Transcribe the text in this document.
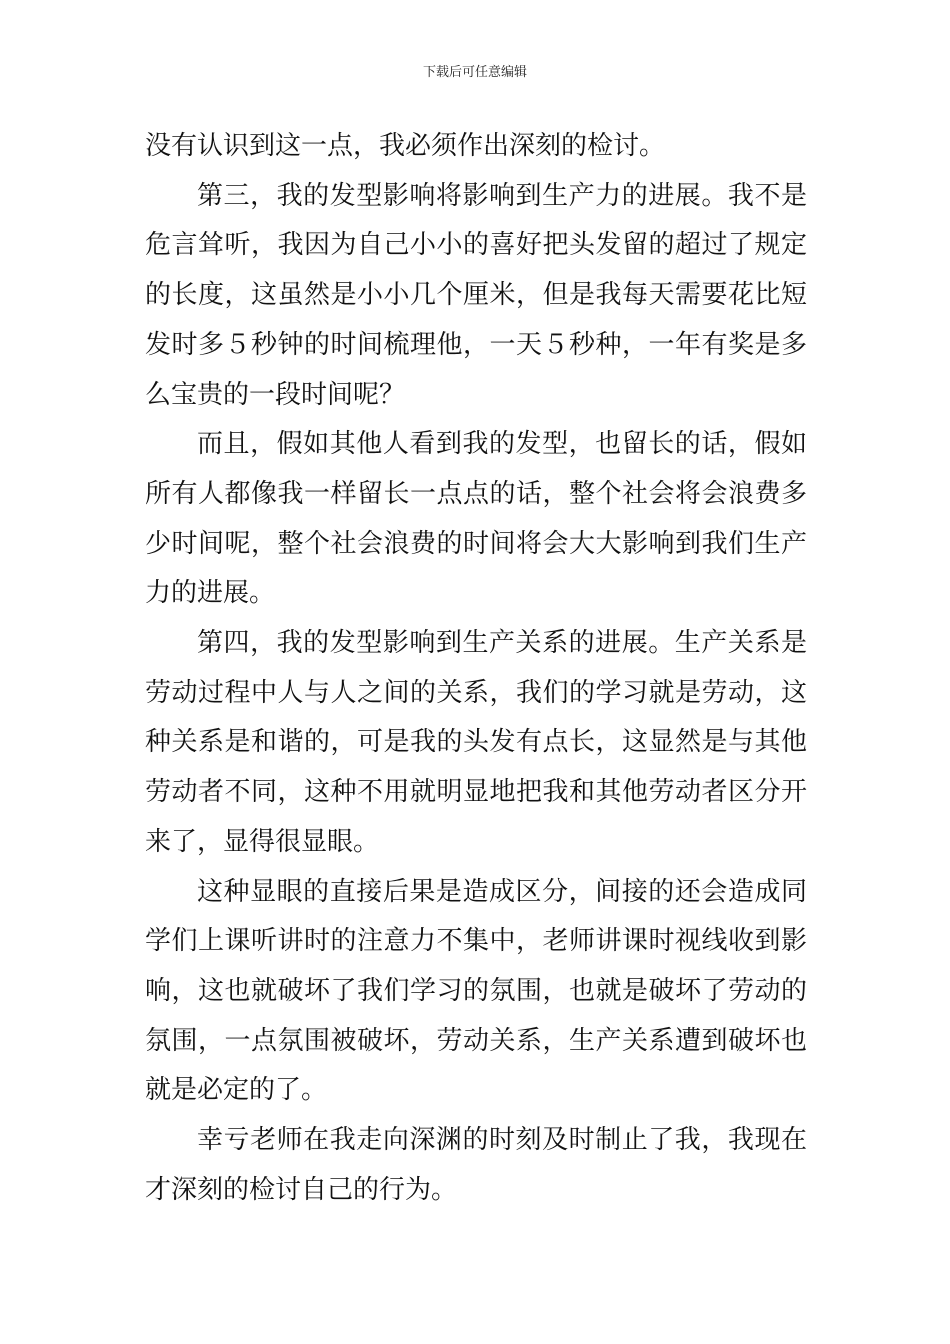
下载后可任意编辑

没有认识到这一点，我必须作出深刻的检讨。

第三，我的发型影响将影响到生产力的进展。我不是危言耸听，我因为自己小小的喜好把头发留的超过了规定的长度，这虽然是小小几个厘米，但是我每天需要花比短发时多５秒钟的时间梳理他，一天５秒种，一年有奖是多么宝贵的一段时间呢？

而且，假如其他人看到我的发型，也留长的话，假如所有人都像我一样留长一点点的话，整个社会将会浪费多少时间呢，整个社会浪费的时间将会大大影响到我们生产力的进展。

第四，我的发型影响到生产关系的进展。生产关系是劳动过程中人与人之间的关系，我们的学习就是劳动，这种关系是和谐的，可是我的头发有点长，这显然是与其他劳动者不同，这种不用就明显地把我和其他劳动者区分开来了，显得很显眼。

这种显眼的直接后果是造成区分，间接的还会造成同学们上课听讲时的注意力不集中，老师讲课时视线收到影响，这也就破坏了我们学习的氛围，也就是破坏了劳动的氛围，一点氛围被破坏，劳动关系，生产关系遭到破坏也就是必定的了。

幸亏老师在我走向深渊的时刻及时制止了我，我现在才深刻的检讨自己的行为。
